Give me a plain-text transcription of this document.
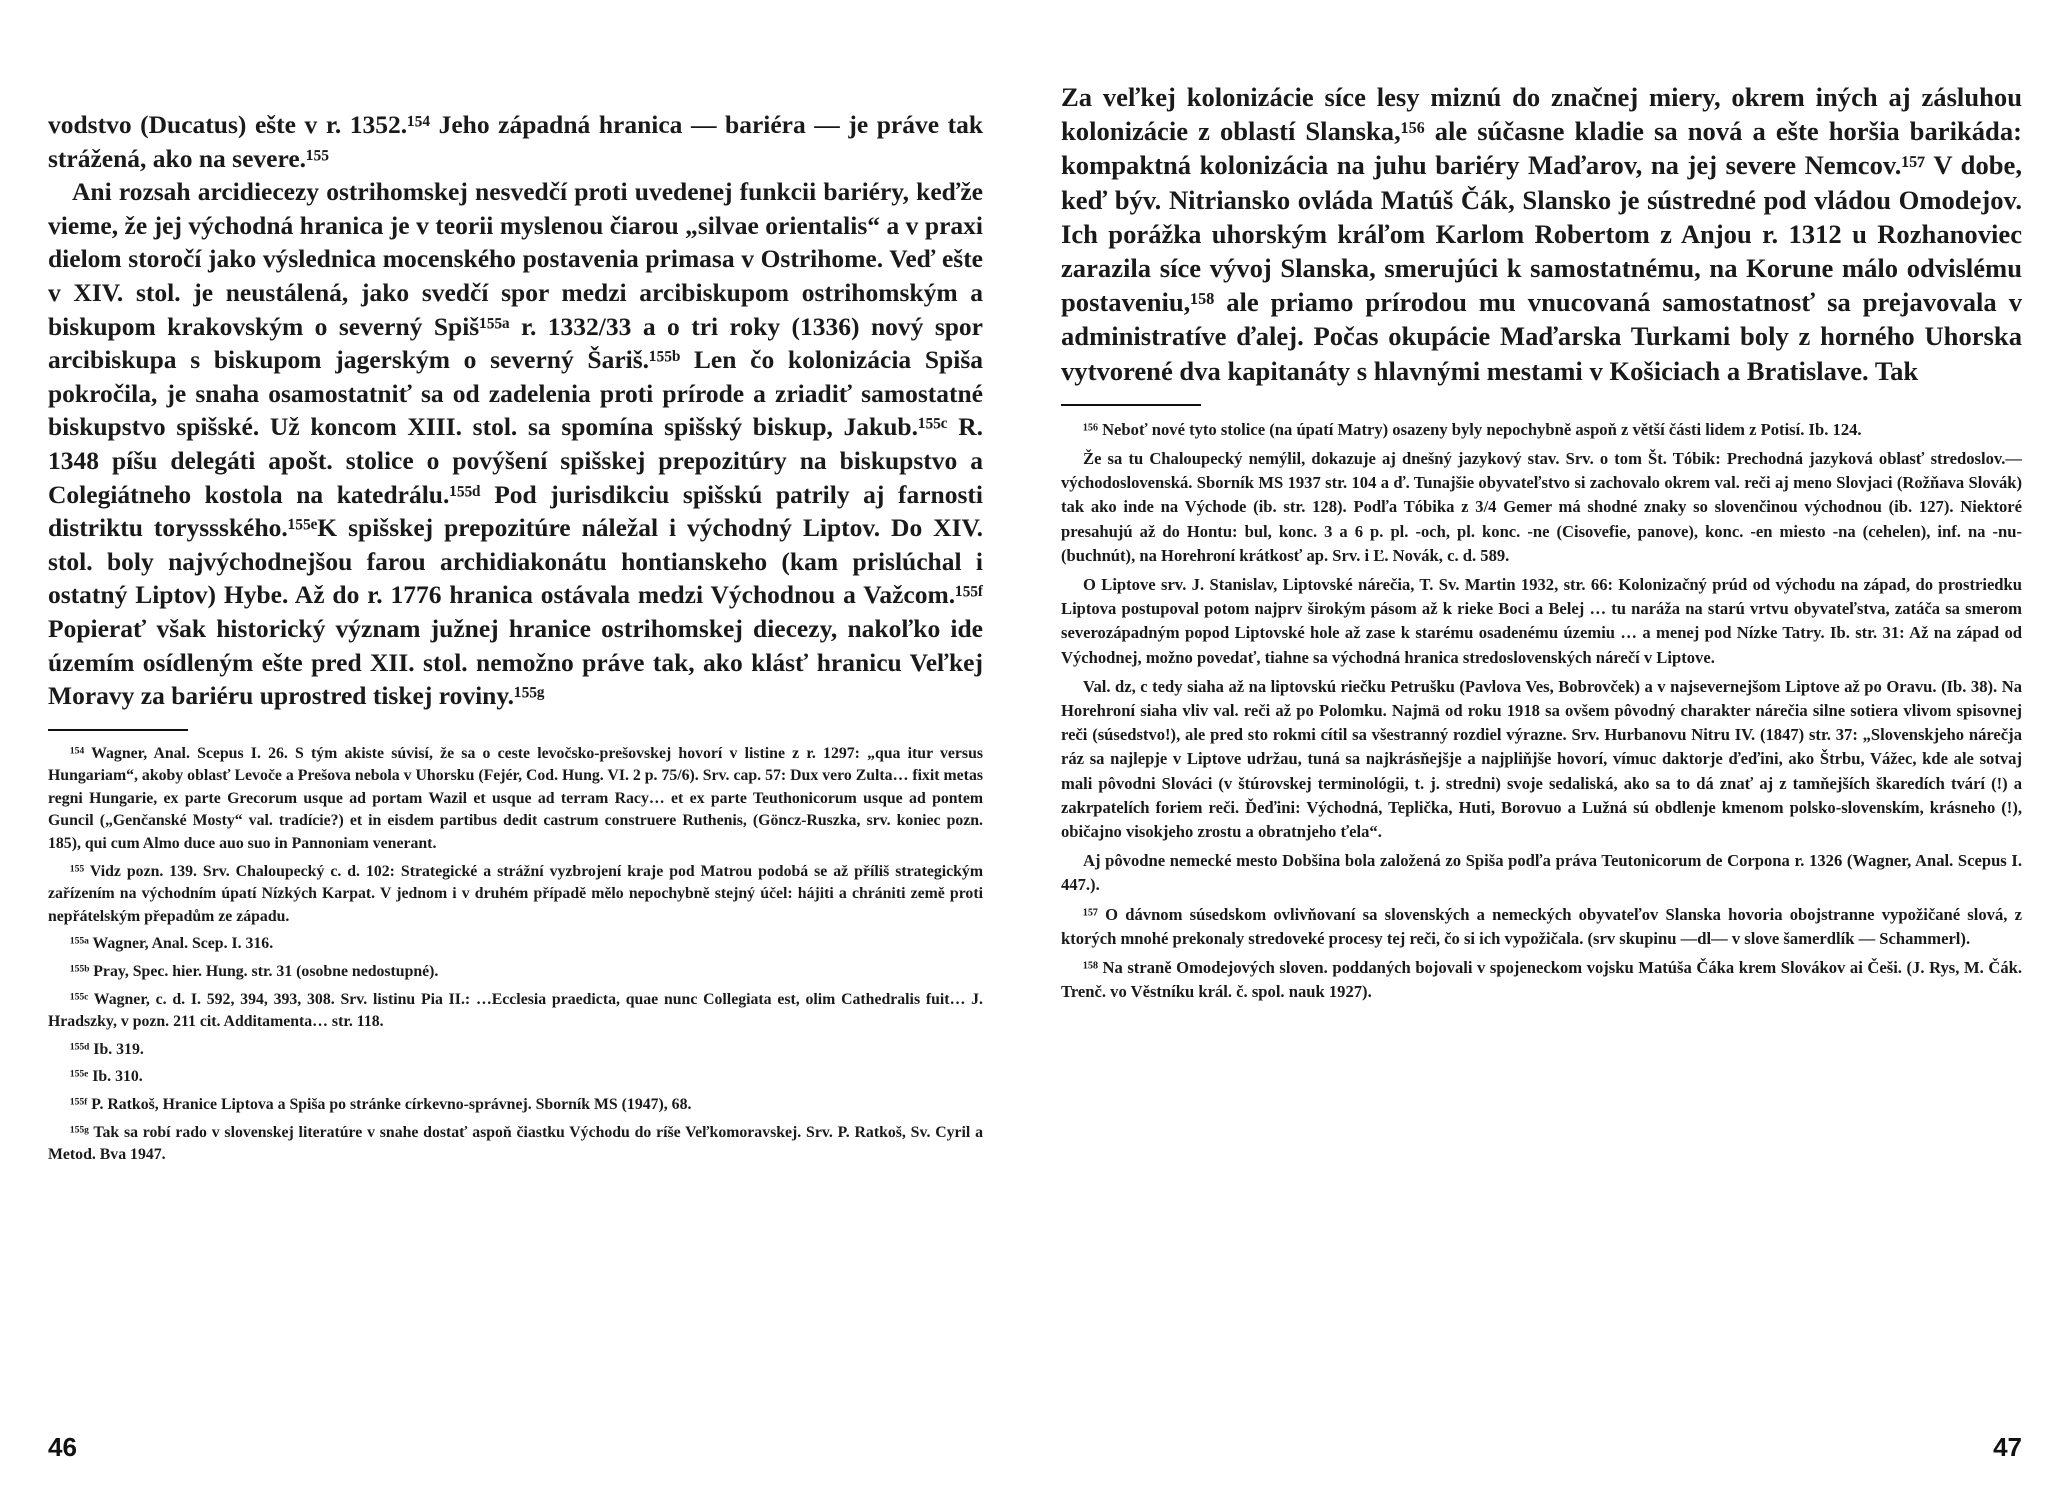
vodstvo (Ducatus) ešte v r. 1352.¹⁵⁴ Jeho západná hranica — bariéra — je práve tak strážená, ako na severe.¹⁵⁵

Ani rozsah arcidiecezy ostrihomskej nesvedčí proti uvedenej funkcii bariéry, keďže vieme, že jej východná hranica je v teorii myslenou čiarou „silvae orientalis“ a v praxi dielom storočí jako výslednica mocenského postavenia primasa v Ostrihome. Veď ešte v XIV. stol. je neustálená, jako svedčí spor medzi arcibiskupom ostrihomským a biskupom krakovským o severný Spiš¹⁵⁵ᵃ r. 1332/33 a o tri roky (1336) nový spor arcibiskupa s biskupom jagerským o severný Šariš.¹⁵⁵ᵇ Len čo kolonizácia Spiša pokročila, je snaha osamostatniť sa od zadelenia proti prírode a zriadiť samostatné biskupstvo spišské. Už koncom XIII. stol. sa spomína spišský biskup, Jakub.¹⁵⁵ᶜ R. 1348 píšu delegáti apošt. stolice o povýšení spišskej prepozitúry na biskupstvo a Colegiátneho kostola na katedrálu.¹⁵⁵ᵈ Pod jurisdikciu spišskú patrily aj farnosti distriktu toryssského.¹⁵⁵ᵉK spišskej prepozitúre náležal i východný Liptov. Do XIV. stol. boly najvýchodnejšou farou archidiakonátu hontianskeho (kam prislúchal i ostatný Liptov) Hybe. Až do r. 1776 hranica ostávala medzi Východnou a Važcom.¹⁵⁵ᶠ Popierať však historický význam južnej hranice ostrihomskej diecezy, nakoľko ide územím osídleným ešte pred XII. stol. nemožno práve tak, ako klásť hranicu Veľkej Moravy za bariéru uprostred tiskej roviny.¹⁵⁵ᵍ

¹⁵⁴ Wagner, Anal. Scepus I. 26. S tým akiste súvisí, že sa o ceste levočsko-prešovskej hovorí v listine z r. 1297: „qua itur versus Hungariam“, akoby oblasť Levoče a Prešova nebola v Uhorsku (Fejér, Cod. Hung. VI. 2 p. 75/6). Srv. cap. 57: Dux vero Zulta… fixit metas regni Hungarie, ex parte Grecorum usque ad portam Wazil et usque ad terram Racy… et ex parte Teuthonicorum usque ad pontem Guncil („Genčanské Mosty“ val. tradície?) et in eisdem partibus dedit castrum construere Ruthenis, (Göncz-Ruszka, srv. koniec pozn. 185), qui cum Almo duce auo suo in Pannoniam venerant.

¹⁵⁵ Vidz pozn. 139. Srv. Chaloupecký c. d. 102: Strategické a strážní vyzbrojení kraje pod Matrou podobá se až příliš strategickým zařízením na východním úpatí Nízkých Karpat. V jednom i v druhém případě mělo nepochybně stejný účel: hájiti a chrániti země proti nepřátelským přepadům ze západu.

¹⁵⁵ᵃ Wagner, Anal. Scep. I. 316.

¹⁵⁵ᵇ Pray, Spec. hier. Hung. str. 31 (osobne nedostupné).

¹⁵⁵ᶜ Wagner, c. d. I. 592, 394, 393, 308. Srv. listinu Pia II.: …Ecclesia praedicta, quae nunc Collegiata est, olim Cathedralis fuit… J. Hradszky, v pozn. 211 cit. Additamenta… str. 118.

¹⁵⁵ᵈ Ib. 319.

¹⁵⁵ᵉ Ib. 310.

¹⁵⁵ᶠ P. Ratkoš, Hranice Liptova a Spiša po stránke církevno-správnej. Sborník MS (1947), 68.

¹⁵⁵ᵍ Tak sa robí rado v slovenskej literatúre v snahe dostať aspoň čiastku Východu do ríše Veľkomoravskej. Srv. P. Ratkoš, Sv. Cyril a Metod. Bva 1947.

46

Za veľkej kolonizácie síce lesy miznú do značnej miery, okrem iných aj zásluhou kolonizácie z oblastí Slanska,¹⁵⁶ ale súčasne kladie sa nová a ešte horšia barikáda: kompaktná kolonizácia na juhu bariéry Maďarov, na jej severe Nemcov.¹⁵⁷ V dobe, keď býv. Nitriansko ovláda Matúš Čák, Slansko je sústredné pod vládou Omodejov. Ich porážka uhorským kráľom Karlom Robertom z Anjou r. 1312 u Rozhanoviec zarazila síce vývoj Slanska, smerujúci k samostatnému, na Korune málo odvislému postaveniu,¹⁵⁸ ale priamo prírodou mu vnucovaná samostatnosť sa prejavovala v administratíve ďalej. Počas okupácie Maďarska Turkami boly z horného Uhorska vytvorené dva kapitanáty s hlavnými mestami v Košiciach a Bratislave. Tak

¹⁵⁶ Neboť nové tyto stolice (na úpatí Matry) osazeny byly nepochybně aspoň z větší části lidem z Potisí. Ib. 124.

Že sa tu Chaloupecký nemýlil, dokazuje aj dnešný jazykový stav. Srv. o tom Št. Tóbik: Prechodná jazyková oblasť stredoslov.—východoslovenská. Sborník MS 1937 str. 104 a ď. Tunajšie obyvateľstvo si zachovalo okrem val. reči aj meno Slovjaci (Rožňava Slovák) tak ako inde na Východe (ib. str. 128). Podľa Tóbika z 3/4 Gemer má shodné znaky so slovenčinou východnou (ib. 127). Niektoré presahujú až do Hontu: bul, konc. 3 a 6 p. pl. -och, pl. konc. -ne (Cisovefie, panove), konc. -en miesto -na (cehelen), inf. na -nu- (buchnút), na Horehroní krátkosť ap. Srv. i Ľ. Novák, c. d. 589.

O Liptove srv. J. Stanislav, Liptovské nárečia, T. Sv. Martin 1932, str. 66: Kolonizačný prúd od východu na západ, do prostriedku Liptova postupoval potom najprv širokým pásom až k rieke Boci a Belej … tu naráža na starú vrtvu obyvateľstva, zatáča sa smerom severozápadným popod Liptovské hole až zase k starému osadenému územiu … a menej pod Nízke Tatry. Ib. str. 31: Až na západ od Východnej, možno povedať, tiahne sa východná hranica stredoslovenských nárečí v Liptove.

Val. dz, c tedy siaha až na liptovskú riečku Petrušku (Pavlova Ves, Bobrovček) a v najsevernejšom Liptove až po Oravu. (Ib. 38). Na Horehroní siaha vliv val. reči až po Polomku. Najmä od roku 1918 sa ovšem pôvodný charakter nárečia silne sotiera vlivom spisovnej reči (súsedstvo!), ale pred sto rokmi cítil sa všestranný rozdiel výrazne. Srv. Hurbanovu Nitru IV. (1847) str. 37: „Slovenskjeho nárečja ráz sa najlepje v Liptove udržau, tuná sa najkrásňejšje a najpliňjše hovorí, vímuc daktorje ďeďini, ako Štrbu, Vážec, kde ale sotvaj mali pôvodni Slováci (v štúrovskej terminológii, t. j. stredni) svoje sedaliská, ako sa to dá znať aj z tamňejších škaredích tvárí (!) a zakrpatelích foriem reči. Ďeďini: Východná, Teplička, Huti, Borovuo a Lužná sú obdlenje kmenom polsko-slovenskím, krásneho (!), običajno visokjeho zrostu a obratnjeho ťela“.

Aj pôvodne nemecké mesto Dobšina bola založená zo Spiša podľa práva Teutonicorum de Corpona r. 1326 (Wagner, Anal. Scepus I. 447.).

¹⁵⁷ O dávnom súsedskom ovlivňovaní sa slovenských a nemeckých obyvateľov Slanska hovoria obojstranne vypožičané slová, z ktorých mnohé prekonaly stredoveké procesy tej reči, čo si ich vypožičala. (srv skupinu —dl— v slove šamerdlík — Schammerl).

¹⁵⁸ Na straně Omodejových sloven. poddaných bojovali v spojeneckom vojsku Matúša Čáka krem Slovákov ai Češi. (J. Rys, M. Čák. Trenč. vo Věstníku král. č. spol. nauk 1927).

47
